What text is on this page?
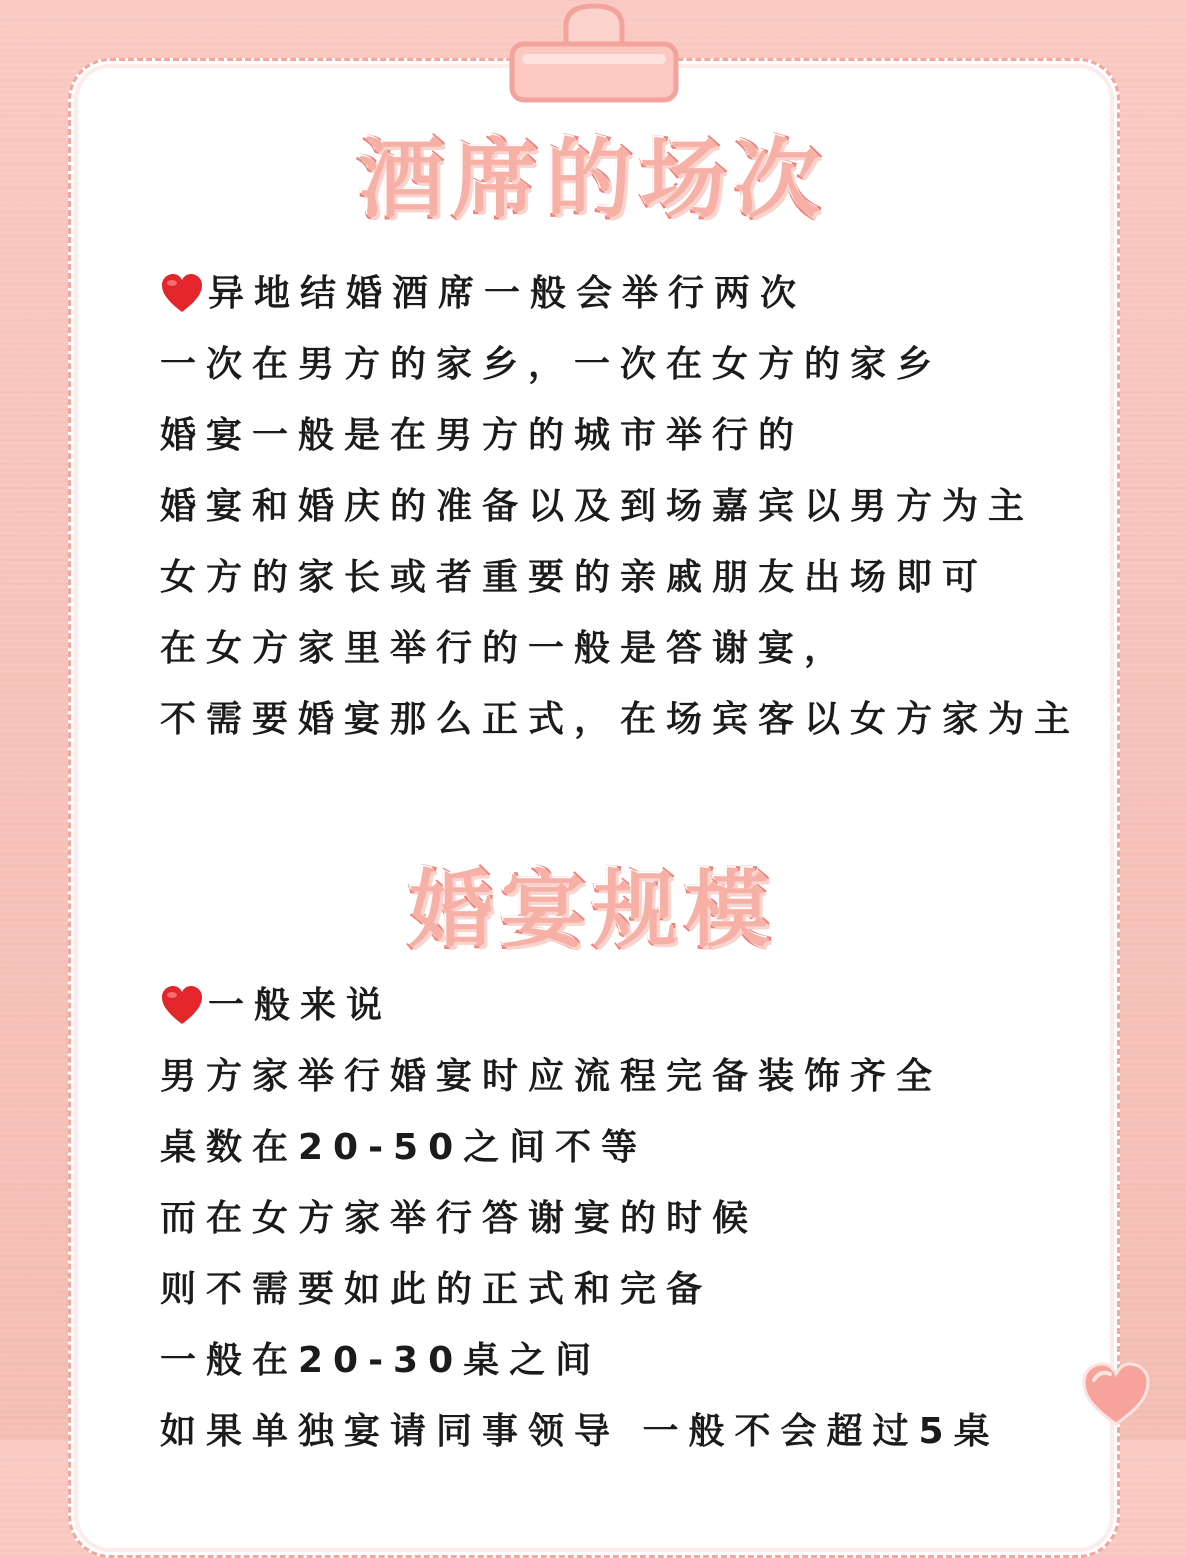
酒席的场次
异地结婚酒席一般会举行两次
一次在男方的家乡，一次在女方的家乡
婚宴一般是在男方的城市举行的
婚宴和婚庆的准备以及到场嘉宾以男方为主
女方的家长或者重要的亲戚朋友出场即可
在女方家里举行的一般是答谢宴，
不需要婚宴那么正式，在场宾客以女方家为主
婚宴规模
一般来说
男方家举行婚宴时应流程完备装饰齐全
桌数在20-50之间不等
而在女方家举行答谢宴的时候
则不需要如此的正式和完备
一般在20-30桌之间
如果单独宴请同事领导 一般不会超过5桌
